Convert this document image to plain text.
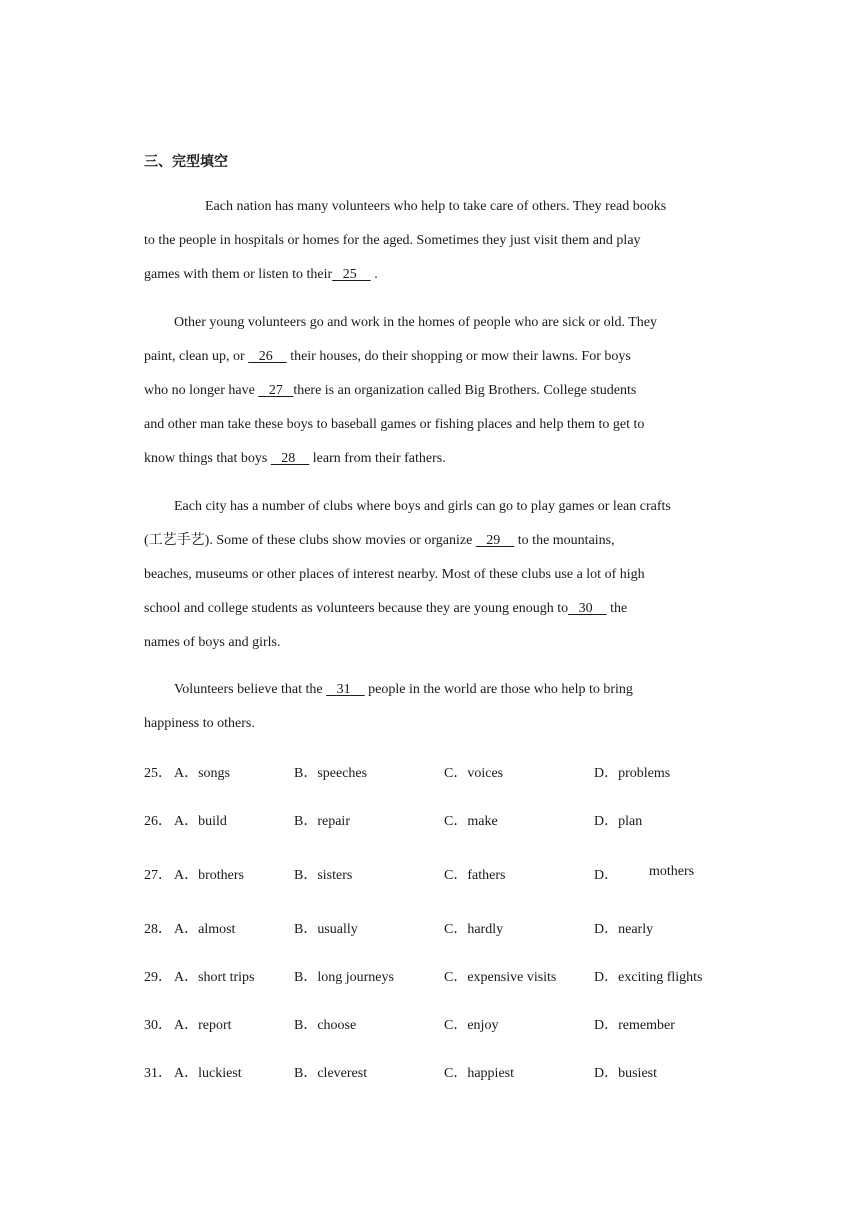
三、完型填空
Each nation has many volunteers who help to take care of others. They read books
to the people in hospitals or homes for the aged. Sometimes they just visit them and play
games with them or listen to their 25     .
Other young volunteers go and work in the homes of people who are sick or old. They
paint, clean up, or    26     their houses, do their shopping or mow their lawns. For boys
who no longer have    27 there is an organization called Big Brothers. College students
and other man take these boys to baseball games or fishing places and help them to get to
know things that boys    28     learn from their fathers.
Each city has a number of clubs where boys and girls can go to play games or lean crafts
(工艺手艺). Some of these clubs show movies or organize    29     to the mountains,
beaches, museums or other places of interest nearby. Most of these clubs use a lot of high
school and college students as volunteers because they are young enough to 30     the
names of boys and girls.
Volunteers believe that the    31     people in the world are those who help to bring
happiness to others.
25． A．songs	B．speeches	C．voices	D．problems
26． A．build	B．repair	C．make	D．plan
27． A．brothers	B．sisters	C．fathers	D． mothers
28． A．almost	B．usually	C．hardly	D．nearly
29． A．short trips	B．long journeys	C．expensive visits	D．exciting flights
30． A．report	B．choose	C．enjoy	D．remember
31． A．luckiest	B．cleverest	C．happiest	D．busiest
